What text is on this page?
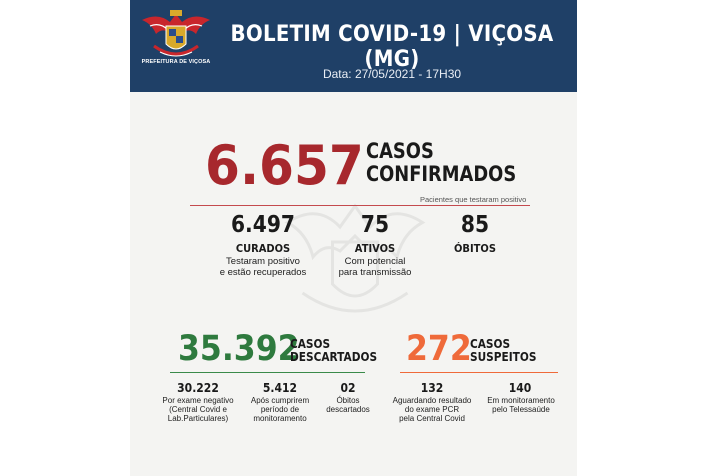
PREFEITURA DE VIÇOSA
BOLETIM COVID-19 | VIÇOSA (MG)
Data: 27/05/2021 - 17H30
6.657 CASOS
CONFIRMADOS
Pacientes que testaram positivo
6.497
CURADOS
Testaram positivo
e estão recuperados
75
ATIVOS
Com potencial
para transmissão
85
ÓBITOS
35.392
CASOS
DESCARTADOS
30.222
Por exame negativo
(Central Covid e
Lab.Particulares)
5.412
Após cumprirem
período de
monitoramento
02
Óbitos
descartados
272
CASOS
SUSPEITOS
132
Aguardando resultado
do exame PCR
pela Central Covid
140
Em monitoramento
pelo Telessaúde
